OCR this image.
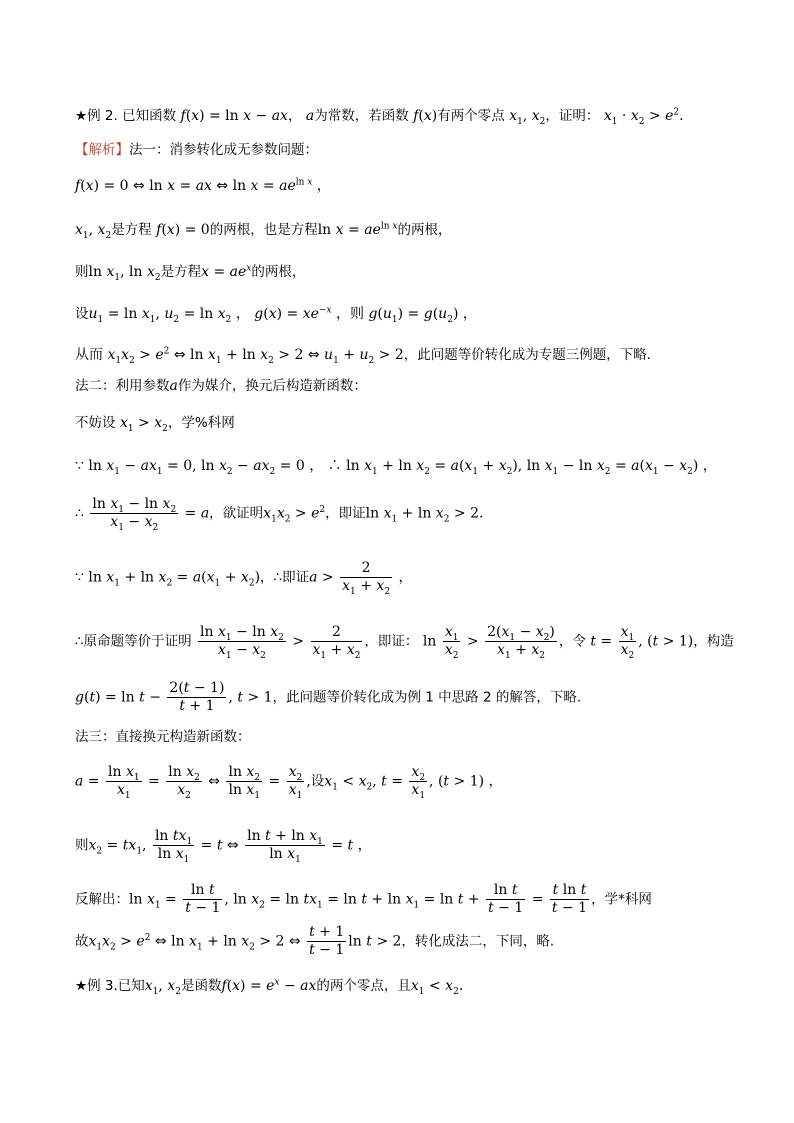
★例 2. 已知函数 f(x) = ln x − ax， a为常数，若函数 f(x)有两个零点 $x_1$, $x_2$，证明： $x_1 \cdot x_2 > e^2$.
【解析】法一：消参转化成无参数问题：
f(x) = 0 ⇔ ln x = ax ⇔ $\ln x = ae^{ln x}$ ，
$x_1$, $x_2$是方程 f(x) = 0的两根，也是方程$\ln x = ae^{ln x}$的两根，
则$\ln x_1$, $\ln x_2$是方程$x = ae^x$的两根，
设$u_1 = \ln x_1$, $u_2 = \ln x_2$ ， $g(x) = xe^{-x}$ ，则 $g(u_1) = g(u_2)$ ，
从而 $x_1x_2 > e^2$ ⇔ $\ln x_1 + \ln x_2 > 2$ ⇔ $u_1 + u_2 > 2$，此问题等价转化成为专题三例题，下略.
法二：利用参数a作为媒介，换元后构造新函数：
不妨设 $x_1 > x_2$，学%科网
∵ $\ln x_1 - ax_1 = 0$, $\ln x_2 - ax_2 = 0$ ， ∴ $\ln x_1 + \ln x_2 = a(x_1 + x_2)$, $\ln x_1 - \ln x_2 = a(x_1 - x_2)$ ，
∴ $\frac{\ln x_1 - \ln x_2}{x_1 - x_2} = a$，欲证明$x_1x_2 > e^2$，即证$\ln x_1 + \ln x_2 > 2$.
∵ $\ln x_1 + \ln x_2 = a(x_1 + x_2)$，∴即证$a > \frac{2}{x_1 + x_2}$ ，
∴原命题等价于证明 $\frac{\ln x_1 - \ln x_2}{x_1 - x_2} > \frac{2}{x_1 + x_2}$ ，即证： $\ln \frac{x_1}{x_2} > \frac{2(x_1 - x_2)}{x_1 + x_2}$ ，令 $t = \frac{x_1}{x_2}$ , (t > 1)，构造
$g(t) = \ln t - \frac{2(t - 1)}{t + 1}$ , t > 1，此问题等价转化成为例 1 中思路 2 的解答，下略.
法三：直接换元构造新函数：
$a = \frac{\ln x_1}{x_1} = \frac{\ln x_2}{x_2}$ ⇔ $\frac{\ln x_2}{\ln x_1} = \frac{x_2}{x_1}$ ,设$x_1 < x_2$, $t = \frac{x_2}{x_1}$ , (t > 1) ，
则$x_2 = tx_1$, $\frac{\ln tx_1}{\ln x_1} = t$ ⇔ $\frac{\ln t + \ln x_1}{\ln x_1} = t$ ，
反解出：$\ln x_1 = \frac{\text{ln t}}{t - 1}$ , $\ln x_2 = \ln tx_1 = \ln t + \ln x_1 = \ln t + \frac{\text{ln t}}{t - 1} = \frac{\text{t ln t}}{t - 1}$ ，学*科网
故$x_1x_2 > e^2$ ⇔ $\ln x_1 + \ln x_2 > 2$ ⇔ $\frac{t + 1}{t - 1}$ ln t > 2，转化成法二，下同，略.
★例 3.已知$x_1$, $x_2$是函数$f(x) = e^x$ − ax的两个零点，且$x_1 < x_2$.
